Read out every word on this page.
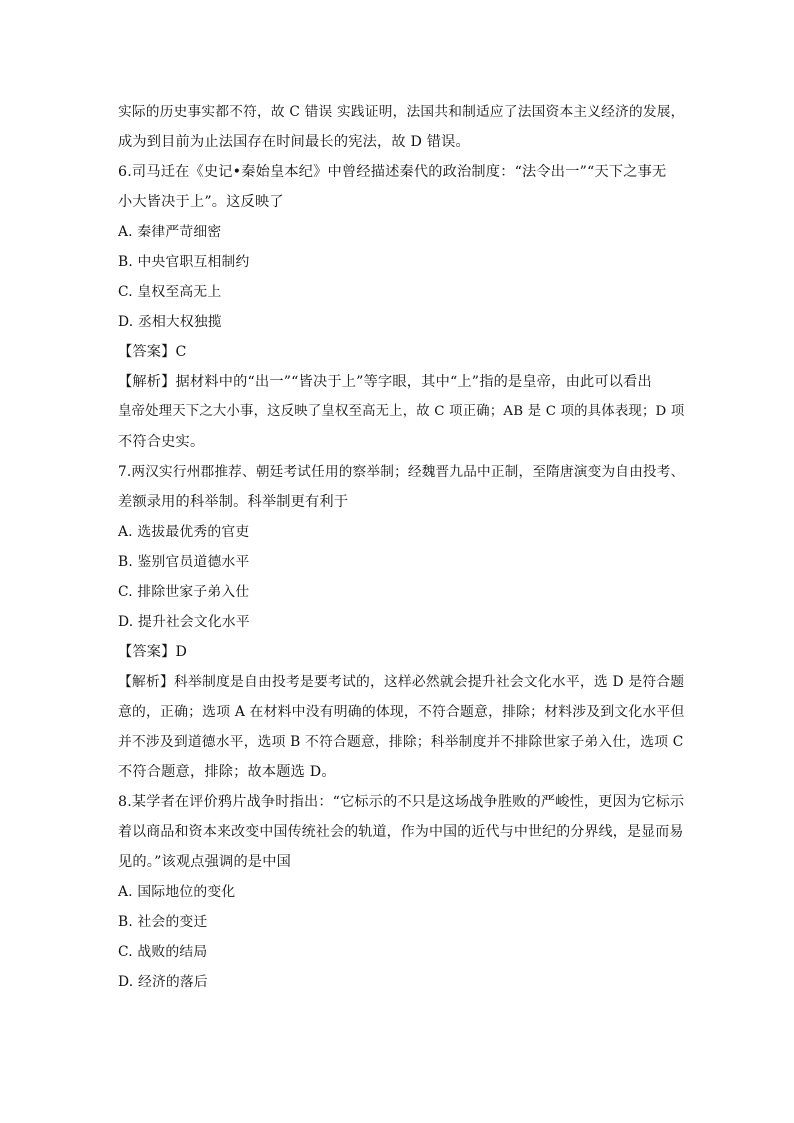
实际的历史事实都不符，故 C 错误 实践证明，法国共和制适应了法国资本主义经济的发展，
成为到目前为止法国存在时间最长的宪法，故 D 错误。
6.司马迁在《史记•秦始皇本纪》中曾经描述秦代的政治制度：“法令出一”“天下之事无
小大皆决于上”。这反映了
A. 秦律严苛细密
B. 中央官职互相制约
C. 皇权至高无上
D. 丞相大权独揽
【答案】C
【解析】据材料中的“出一”“皆决于上”等字眼，其中“上”指的是皇帝，由此可以看出
皇帝处理天下之大小事，这反映了皇权至高无上，故 C 项正确；AB 是 C 项的具体表现；D 项
不符合史实。
7.两汉实行州郡推荐、朝廷考试任用的察举制；经魏晋九品中正制，至隋唐演变为自由投考、
差额录用的科举制。科举制更有利于
A. 选拔最优秀的官吏
B. 鉴别官员道德水平
C. 排除世家子弟入仕
D. 提升社会文化水平
【答案】D
【解析】科举制度是自由投考是要考试的，这样必然就会提升社会文化水平，选 D 是符合题
意的，正确；选项 A 在材料中没有明确的体现，不符合题意，排除；材料涉及到文化水平但
并不涉及到道德水平，选项 B 不符合题意，排除；科举制度并不排除世家子弟入仕，选项 C
不符合题意，排除；故本题选 D。
8.某学者在评价鸦片战争时指出：“它标示的不只是这场战争胜败的严峻性，更因为它标示
着以商品和资本来改变中国传统社会的轨道，作为中国的近代与中世纪的分界线，是显而易
见的。”该观点强调的是中国
A. 国际地位的变化
B. 社会的变迁
C. 战败的结局
D. 经济的落后
